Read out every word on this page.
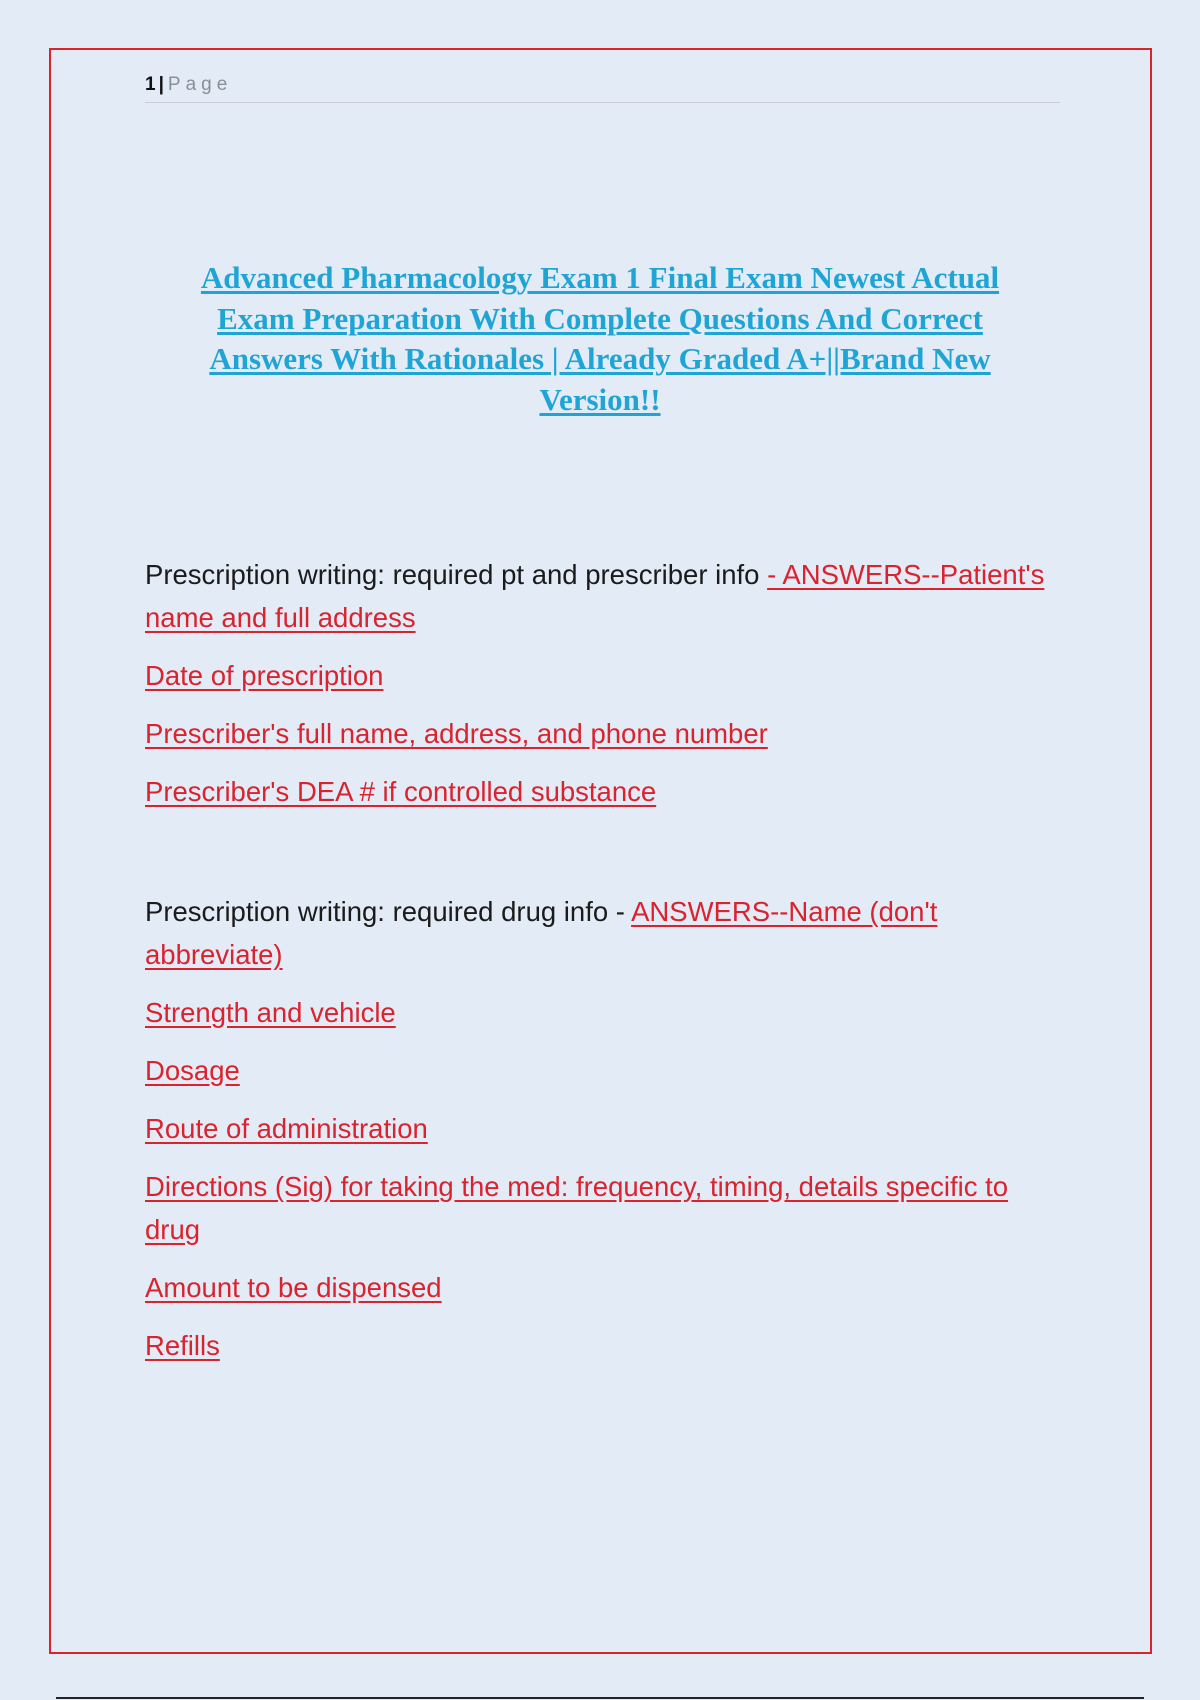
1 | Page
Advanced Pharmacology Exam 1 Final Exam Newest Actual Exam Preparation With Complete Questions And Correct Answers With Rationales | Already Graded A+||Brand New Version!!

Prescription writing: required pt and prescriber info - ANSWERS--Patient's name and full address

Date of prescription

Prescriber's full name, address, and phone number

Prescriber's DEA # if controlled substance

Prescription writing: required drug info - ANSWERS--Name (don't abbreviate)

Strength and vehicle

Dosage

Route of administration

Directions (Sig) for taking the med: frequency, timing, details specific to drug

Amount to be dispensed

Refills
